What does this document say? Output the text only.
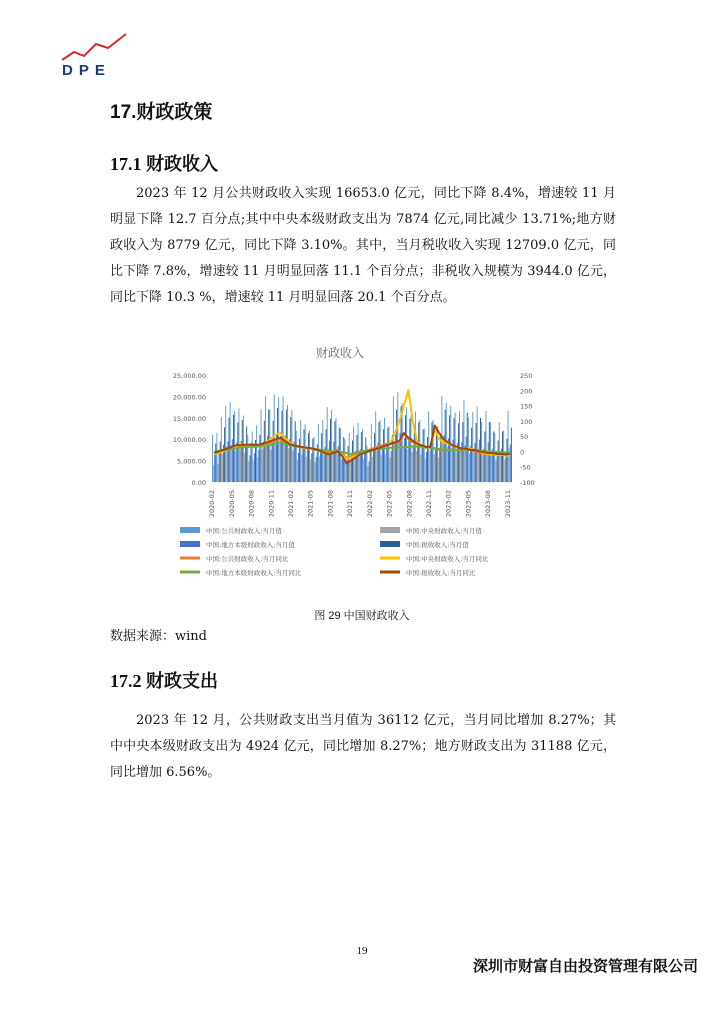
DPE
17.财政政策
17.1 财政收入

2023 年 12 月公共财政收入实现 16653.0 亿元，同比下降 8.4%，增速较 11 月明显下降 12.7 百分点;其中中央本级财政支出为 7874 亿元,同比减少 13.71%;地方财政收入为 8779 亿元，同比下降 3.10%。其中，当月税收收入实现 12709.0 亿元，同比下降 7.8%，增速较 11 月明显回落 11.1 个百分点；非税收入规模为 3944.0 亿元，同比下降 10.3 %，增速较 11 月明显回落 20.1 个百分点。

财政收入
25,000.00
20,000.00
15,000.00
10,000.00
5,000.00
0.00
250
200
150
100
50
0
-50
-100
2020-02 2020-05 2020-08 2020-11 2021-02 2021-05 2021-08 2021-11 2022-02 2022-05 2022-08 2022-11 2023-02 2023-05 2023-08 2023-11
中国:公共财政收入:当月值	中国:中央财政收入:当月值
中国:地方本级财政收入:当月值	中国:税收收入:当月值
中国:公共财政收入:当月同比	中国:中央财政收入:当月同比
中国:地方本级财政收入:当月同比	中国:税收收入:当月同比
图 29 中国财政收入
数据来源：wind
17.2 财政支出

2023 年 12 月，公共财政支出当月值为 36112 亿元，当月同比增加 8.27%；其中中央本级财政支出为 4924 亿元，同比增加 8.27%；地方财政支出为 31188 亿元，同比增加 6.56%。

19
深圳市财富自由投资管理有限公司
